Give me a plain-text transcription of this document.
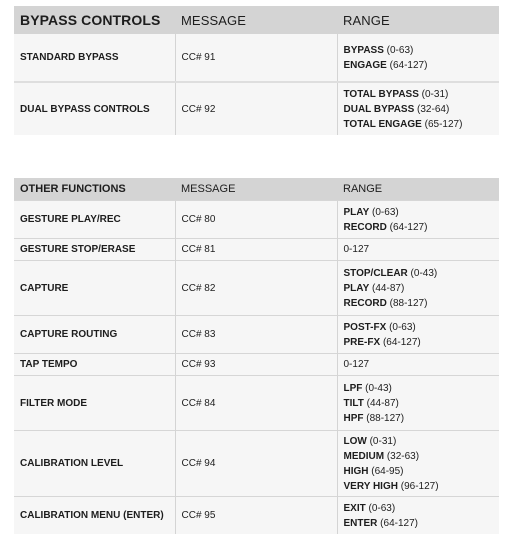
BYPASS CONTROLS	MESSAGE	RANGE
STANDARD BYPASS	CC# 91	BYPASS (0-63)
ENGAGE (64-127)

DUAL BYPASS CONTROLS	CC# 92	TOTAL BYPASS (0-31)
DUAL BYPASS (32-64)
TOTAL ENGAGE (65-127)
OTHER FUNCTIONS	MESSAGE	RANGE
GESTURE PLAY/REC	CC# 80	PLAY (0-63)
RECORD (64-127)

GESTURE STOP/ERASE	CC# 81	0-127

CAPTURE	CC# 82	STOP/CLEAR (0-43)
PLAY (44-87)
RECORD (88-127)

CAPTURE ROUTING	CC# 83	POST-FX (0-63)
PRE-FX (64-127)

TAP TEMPO	CC# 93	0-127

FILTER MODE	CC# 84	LPF (0-43)
TILT (44-87)
HPF (88-127)

CALIBRATION LEVEL	CC# 94	LOW (0-31)
MEDIUM (32-63)
HIGH (64-95)
VERY HIGH (96-127)

CALIBRATION MENU (ENTER)	CC# 95	EXIT (0-63)
ENTER (64-127)
